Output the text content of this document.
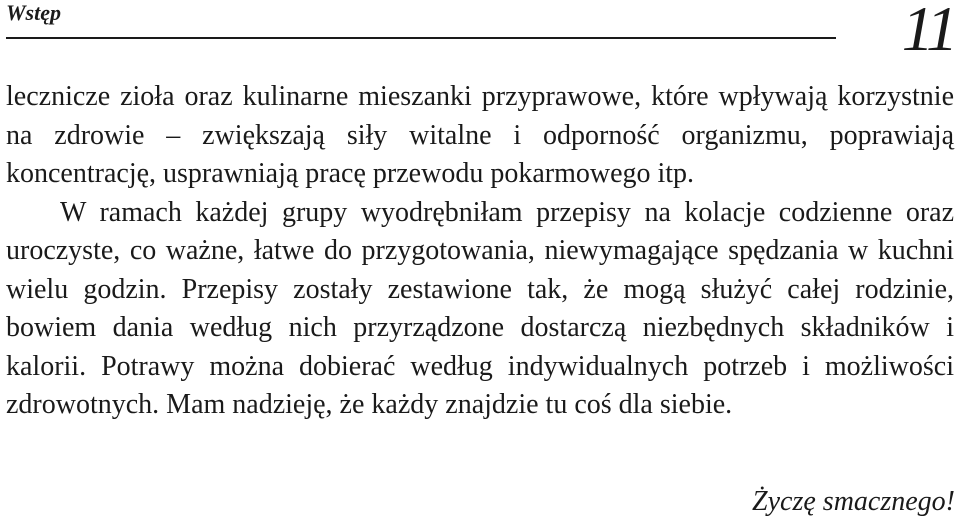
Wstęp	11

lecznicze zioła oraz kulinarne mieszanki przyprawowe, które wpływają korzystnie na zdrowie – zwiększają siły witalne i odporność organizmu, poprawiają koncentrację, usprawniają pracę przewodu pokarmowego itp.

W ramach każdej grupy wyodrębniłam przepisy na kolacje codzienne oraz uroczyste, co ważne, łatwe do przygotowania, niewymagające spędzania w kuchni wielu godzin. Przepisy zostały zestawione tak, że mogą służyć całej rodzinie, bowiem dania według nich przyrządzone dostarczą niezbędnych składników i kalorii. Potrawy można dobierać według indywidualnych potrzeb i możliwości zdrowotnych. Mam nadzieję, że każdy znajdzie tu coś dla siebie.

Życzę smacznego!
